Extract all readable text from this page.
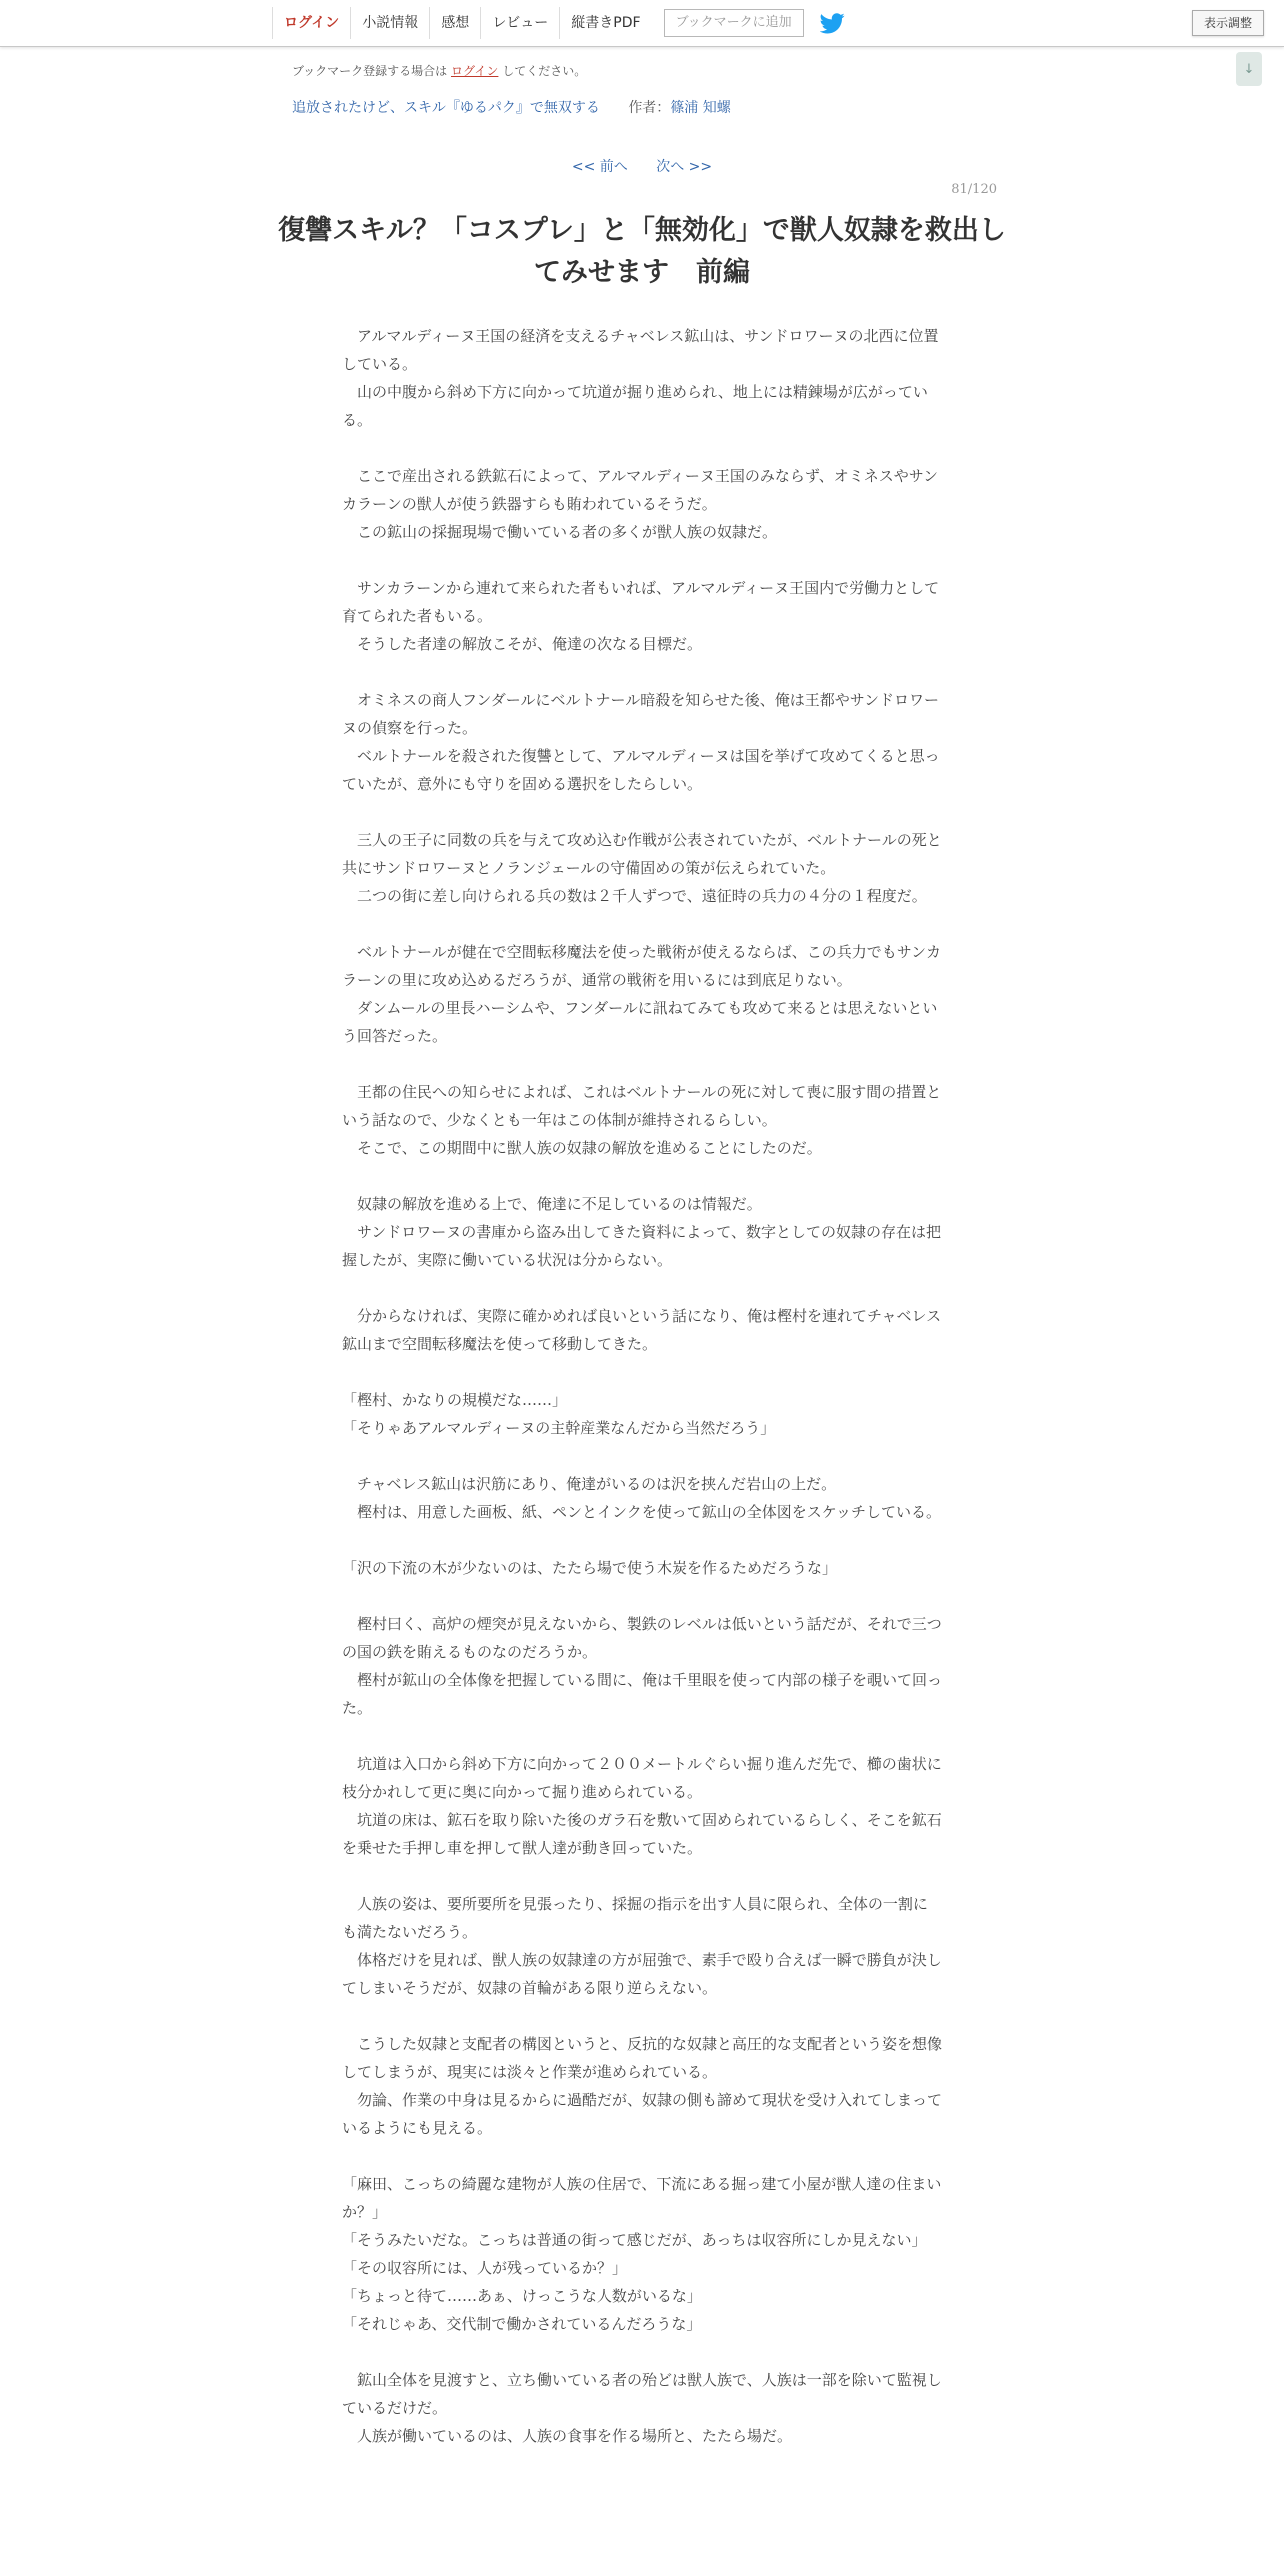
ログイン	小説情報	感想	レビュー	縦書きPDF	ブックマークに追加	表示調整
↓
ブックマーク登録する場合は ログイン してください。
追放されたけど、スキル『ゆるパク』で無双する 作者：篠浦 知螺
<< 前へ 次へ >>
81/120
復讐スキル？「コスプレ」と「無効化」で獣人奴隷を救出してみせます　前編

　アルマルディーヌ王国の経済を支えるチャベレス鉱山は、サンドロワーヌの北西に位置している。

　山の中腹から斜め下方に向かって坑道が掘り進められ、地上には精錬場が広がっている。

　ここで産出される鉄鉱石によって、アルマルディーヌ王国のみならず、オミネスやサンカラーンの獣人が使う鉄器すらも賄われているそうだ。

　この鉱山の採掘現場で働いている者の多くが獣人族の奴隷だ。

　サンカラーンから連れて来られた者もいれば、アルマルディーヌ王国内で労働力として育てられた者もいる。

　そうした者達の解放こそが、俺達の次なる目標だ。

　オミネスの商人フンダールにベルトナール暗殺を知らせた後、俺は王都やサンドロワーヌの偵察を行った。

　ベルトナールを殺された復讐として、アルマルディーヌは国を挙げて攻めてくると思っていたが、意外にも守りを固める選択をしたらしい。

　三人の王子に同数の兵を与えて攻め込む作戦が公表されていたが、ベルトナールの死と共にサンドロワーヌとノランジェールの守備固めの策が伝えられていた。

　二つの街に差し向けられる兵の数は２千人ずつで、遠征時の兵力の４分の１程度だ。

　ベルトナールが健在で空間転移魔法を使った戦術が使えるならば、この兵力でもサンカラーンの里に攻め込めるだろうが、通常の戦術を用いるには到底足りない。

　ダンムールの里長ハーシムや、フンダールに訊ねてみても攻めて来るとは思えないという回答だった。

　王都の住民への知らせによれば、これはベルトナールの死に対して喪に服す間の措置という話なので、少なくとも一年はこの体制が維持されるらしい。

　そこで、この期間中に獣人族の奴隷の解放を進めることにしたのだ。

　奴隷の解放を進める上で、俺達に不足しているのは情報だ。

　サンドロワーヌの書庫から盗み出してきた資料によって、数字としての奴隷の存在は把握したが、実際に働いている状況は分からない。

　分からなければ、実際に確かめれば良いという話になり、俺は樫村を連れてチャベレス鉱山まで空間転移魔法を使って移動してきた。

「樫村、かなりの規模だな……」

「そりゃあアルマルディーヌの主幹産業なんだから当然だろう」

　チャベレス鉱山は沢筋にあり、俺達がいるのは沢を挟んだ岩山の上だ。

　樫村は、用意した画板、紙、ペンとインクを使って鉱山の全体図をスケッチしている。

「沢の下流の木が少ないのは、たたら場で使う木炭を作るためだろうな」

　樫村曰く、高炉の煙突が見えないから、製鉄のレベルは低いという話だが、それで三つの国の鉄を賄えるものなのだろうか。

　樫村が鉱山の全体像を把握している間に、俺は千里眼を使って内部の様子を覗いて回った。

　坑道は入口から斜め下方に向かって２００メートルぐらい掘り進んだ先で、櫛の歯状に枝分かれして更に奥に向かって掘り進められている。

　坑道の床は、鉱石を取り除いた後のガラ石を敷いて固められているらしく、そこを鉱石を乗せた手押し車を押して獣人達が動き回っていた。

　人族の姿は、要所要所を見張ったり、採掘の指示を出す人員に限られ、全体の一割にも満たないだろう。

　体格だけを見れば、獣人族の奴隷達の方が屈強で、素手で殴り合えば一瞬で勝負が決してしまいそうだが、奴隷の首輪がある限り逆らえない。

　こうした奴隷と支配者の構図というと、反抗的な奴隷と高圧的な支配者という姿を想像してしまうが、現実には淡々と作業が進められている。

　勿論、作業の中身は見るからに過酷だが、奴隷の側も諦めて現状を受け入れてしまっているようにも見える。

「麻田、こっちの綺麗な建物が人族の住居で、下流にある掘っ建て小屋が獣人達の住まいか？」

「そうみたいだな。こっちは普通の街って感じだが、あっちは収容所にしか見えない」

「その収容所には、人が残っているか？」

「ちょっと待て……あぁ、けっこうな人数がいるな」

「それじゃあ、交代制で働かされているんだろうな」

　鉱山全体を見渡すと、立ち働いている者の殆どは獣人族で、人族は一部を除いて監視しているだけだ。

　人族が働いているのは、人族の食事を作る場所と、たたら場だ。
